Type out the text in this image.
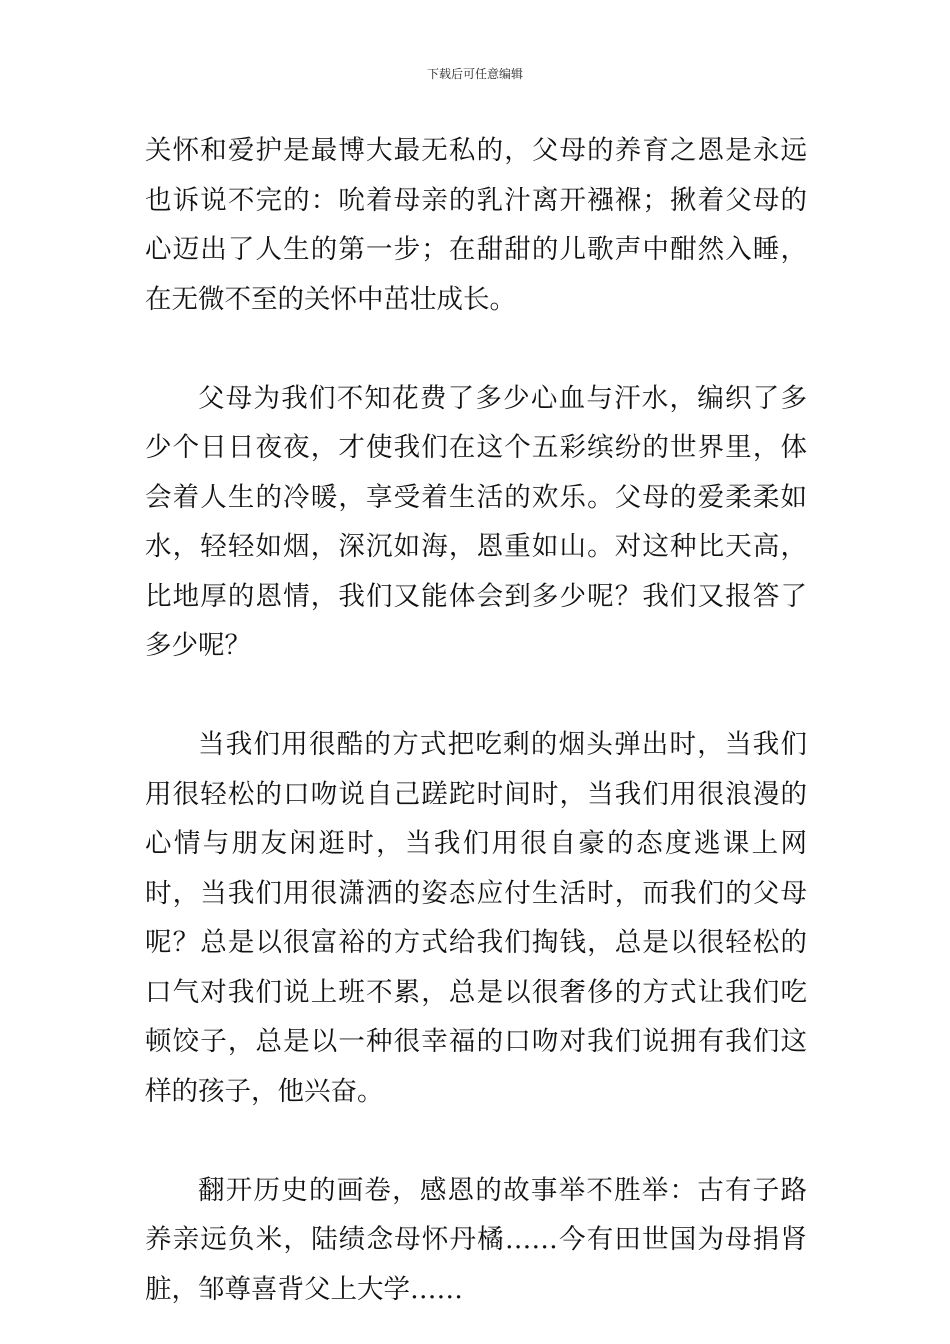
下载后可任意编辑

关怀和爱护是最博大最无私的，父母的养育之恩是永远也诉说不完的：吮着母亲的乳汁离开襁褓；揪着父母的心迈出了人生的第一步；在甜甜的儿歌声中酣然入睡，在无微不至的关怀中茁壮成长。

父母为我们不知花费了多少心血与汗水，编织了多少个日日夜夜，才使我们在这个五彩缤纷的世界里，体会着人生的冷暖，享受着生活的欢乐。父母的爱柔柔如水，轻轻如烟，深沉如海，恩重如山。对这种比天高，比地厚的恩情，我们又能体会到多少呢？我们又报答了多少呢？

当我们用很酷的方式把吃剩的烟头弹出时，当我们用很轻松的口吻说自己蹉跎时间时，当我们用很浪漫的心情与朋友闲逛时，当我们用很自豪的态度逃课上网时，当我们用很潇洒的姿态应付生活时，而我们的父母呢？总是以很富裕的方式给我们掏钱，总是以很轻松的口气对我们说上班不累，总是以很奢侈的方式让我们吃顿饺子，总是以一种很幸福的口吻对我们说拥有我们这样的孩子，他兴奋。

翻开历史的画卷，感恩的故事举不胜举：古有子路养亲远负米，陆绩念母怀丹橘……今有田世国为母捐肾脏，邹尊喜背父上大学……
